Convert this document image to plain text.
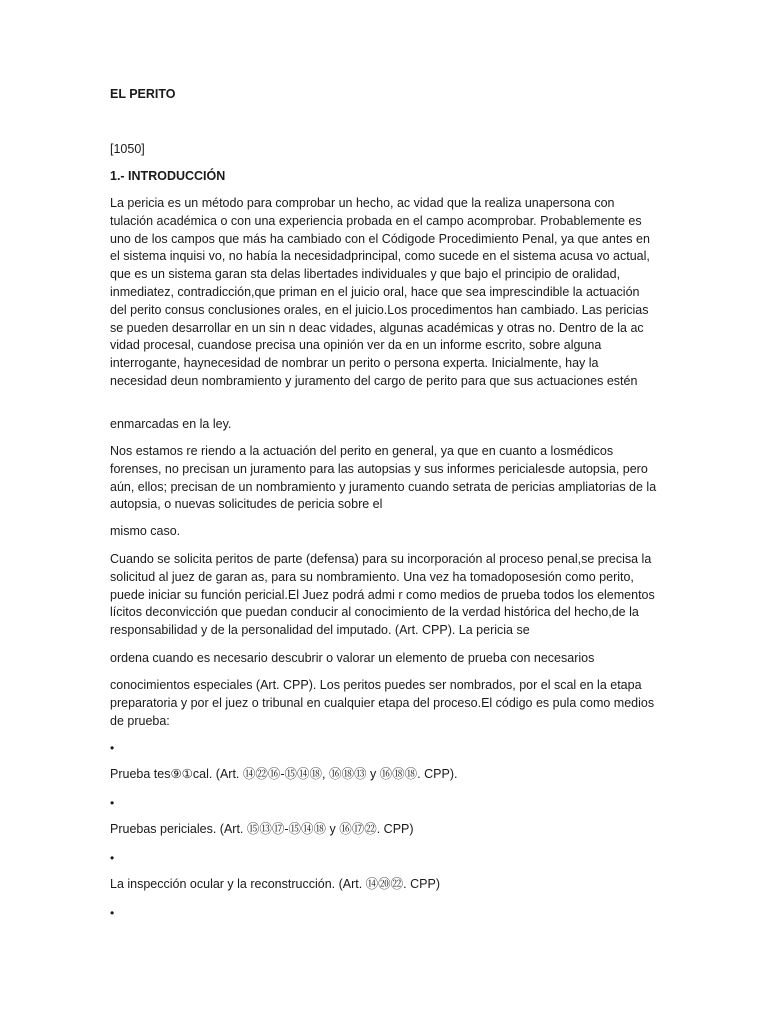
EL PERITO
[1050]
1.- INTRODUCCIÓN

La pericia es un método para comprobar un hecho, ac vidad que la realiza unapersona con tulación académica o con una experiencia probada en el campo acomprobar. Probablemente es uno de los campos que más ha cambiado con el Códigode Procedimiento Penal, ya que antes en el sistema inquisi vo, no había la necesidadprincipal, como sucede en el sistema acusa vo actual, que es un sistema garan sta delas libertades individuales y que bajo el principio de oralidad, inmediatez, contradicción,que priman en el juicio oral, hace que sea imprescindible la actuación del perito consus conclusiones orales, en el juicio.Los procedimentos han cambiado. Las pericias se pueden desarrollar en un sin n deac vidades, algunas académicas y otras no. Dentro de la ac vidad procesal, cuandose precisa una opinión ver da en un informe escrito, sobre alguna interrogante, haynecesidad de nombrar un perito o persona experta. Inicialmente, hay la necesidad deun nombramiento y juramento del cargo de perito para que sus actuaciones estén

enmarcadas en la ley.

Nos estamos re riendo a la actuación del perito en general, ya que en cuanto a losmédicos forenses, no precisan un juramento para las autopsias y sus informes pericialesde autopsia, pero aún, ellos; precisan de un nombramiento y juramento cuando setrata de pericias ampliatorias de la autopsia, o nuevas solicitudes de pericia sobre el

mismo caso.

Cuando se solicita peritos de parte (defensa) para su incorporación al proceso penal,se precisa la solicitud al juez de garan as, para su nombramiento. Una vez ha tomadoposesión como perito, puede iniciar su función pericial.El Juez podrá admi r como medios de prueba todos los elementos lícitos deconvicción que puedan conducir al conocimiento de la verdad histórica del hecho,de la responsabilidad y de la personalidad del imputado. (Art. CPP). La pericia se

ordena cuando es necesario descubrir o valorar un elemento de prueba con necesarios

conocimientos especiales (Art. CPP). Los peritos puedes ser nombrados, por el scal en la etapa preparatoria y por el juez o tribunal en cualquier etapa del proceso.El código es pula como medios de prueba:

•
Prueba tes⑨①cal. (Art. ⑭㉒⑯-⑮⑭⑱, ⑯⑱⑬ y ⑯⑱⑱. CPP).
•
Pruebas periciales. (Art. ⑮⑬⑰-⑮⑭⑱ y ⑯⑰㉒. CPP)
•
La inspección ocular y la reconstrucción. (Art. ⑭⑳㉒. CPP)
•
